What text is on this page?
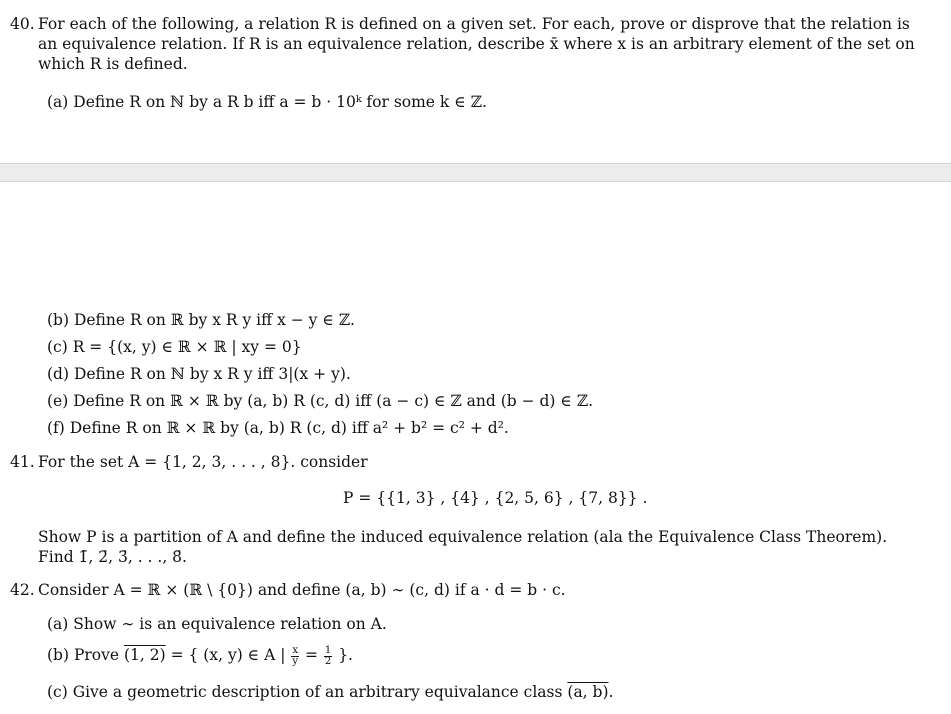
40. For each of the following, a relation R is defined on a given set. For each, prove or disprove that the relation is an equivalence relation. If R is an equivalence relation, describe x̄ where x is an arbitrary element of the set on which R is defined.

(a) Define R on ℕ by a R b iff a = b · 10ᵏ for some k ∈ ℤ.
(b) Define R on ℝ by x R y iff x − y ∈ ℤ.
(c) R = {(x, y) ∈ ℝ × ℝ | xy = 0}
(d) Define R on ℕ by x R y iff 3|(x + y).
(e) Define R on ℝ × ℝ by (a, b) R (c, d) iff (a − c) ∈ ℤ and (b − d) ∈ ℤ.
(f) Define R on ℝ × ℝ by (a, b) R (c, d) iff a² + b² = c² + d².
41. For the set A = {1, 2, 3, . . . , 8}. consider
P = {{1, 3} , {4} , {2, 5, 6} , {7, 8}} .

Show P is a partition of A and define the induced equivalence relation (ala the Equivalence Class Theorem). Find 1̄, 2̄, 3̄, . . ., 8̄.

42. Consider A = ℝ × (ℝ \ {0}) and define (a, b) ∼ (c, d) if a · d = b · c.
(a) Show ∼ is an equivalence relation on A.
(b) Prove (1, 2) = { (x, y) ∈ A | $\frac{x}{y} = \frac{1}{2}$ }.
(c) Give a geometric description of an arbitrary equivalance class (a, b).
